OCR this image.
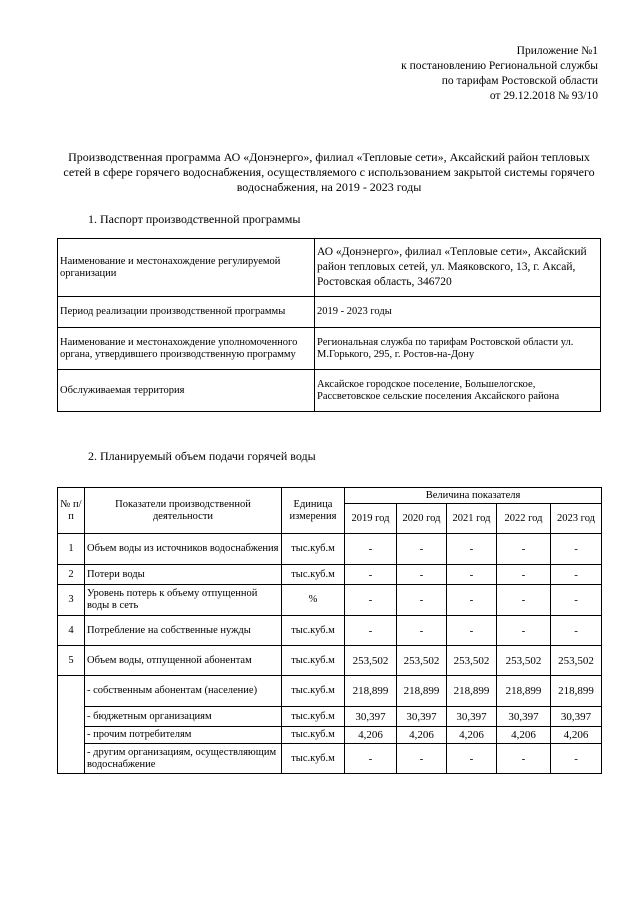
Приложение №1
к постановлению Региональной службы
по тарифам Ростовской области
от 29.12.2018 № 93/10
Производственная программа АО «Донэнерго», филиал «Тепловые сети», Аксайский район тепловых сетей в сфере горячего водоснабжения, осуществляемого с использованием закрытой системы горячего водоснабжения, на 2019 - 2023 годы
1. Паспорт производственной программы
Наименование и местонахождение регулируемой организации	АО «Донэнерго», филиал «Тепловые сети», Аксайский район тепловых сетей, ул. Маяковского, 13, г. Аксай, Ростовская область, 346720
Период реализации производственной программы	2019 - 2023 годы
Наименование и местонахождение уполномоченного органа, утвердившего производственную программу	Региональная служба по тарифам Ростовской области ул. М.Горького, 295, г. Ростов-на-Дону
Обслуживаемая территория	Аксайское городское поселение, Большелогское, Рассветовское сельские поселения Аксайского района
2. Планируемый объем подачи горячей воды
№ п/п	Показатели производственной деятельности	Единица измерения	Величина показателя				
			2019 год	2020 год	2021 год	2022 год	2023 год
1	Объем воды из источников водоснабжения	тыс.куб.м	-	-	-	-	-
2	Потери воды	тыс.куб.м	-	-	-	-	-
3	Уровень потерь к объему отпущенной воды в сеть	%	-	-	-	-	-
4	Потребление на собственные нужды	тыс.куб.м	-	-	-	-	-
5	Объем воды, отпущенной абонентам	тыс.куб.м	253,502	253,502	253,502	253,502	253,502
	- собственным абонентам (население)	тыс.куб.м	218,899	218,899	218,899	218,899	218,899
	- бюджетным организациям	тыс.куб.м	30,397	30,397	30,397	30,397	30,397
	- прочим потребителям	тыс.куб.м	4,206	4,206	4,206	4,206	4,206
	- другим организациям, осуществляющим водоснабжение	тыс.куб.м	-	-	-	-	-
